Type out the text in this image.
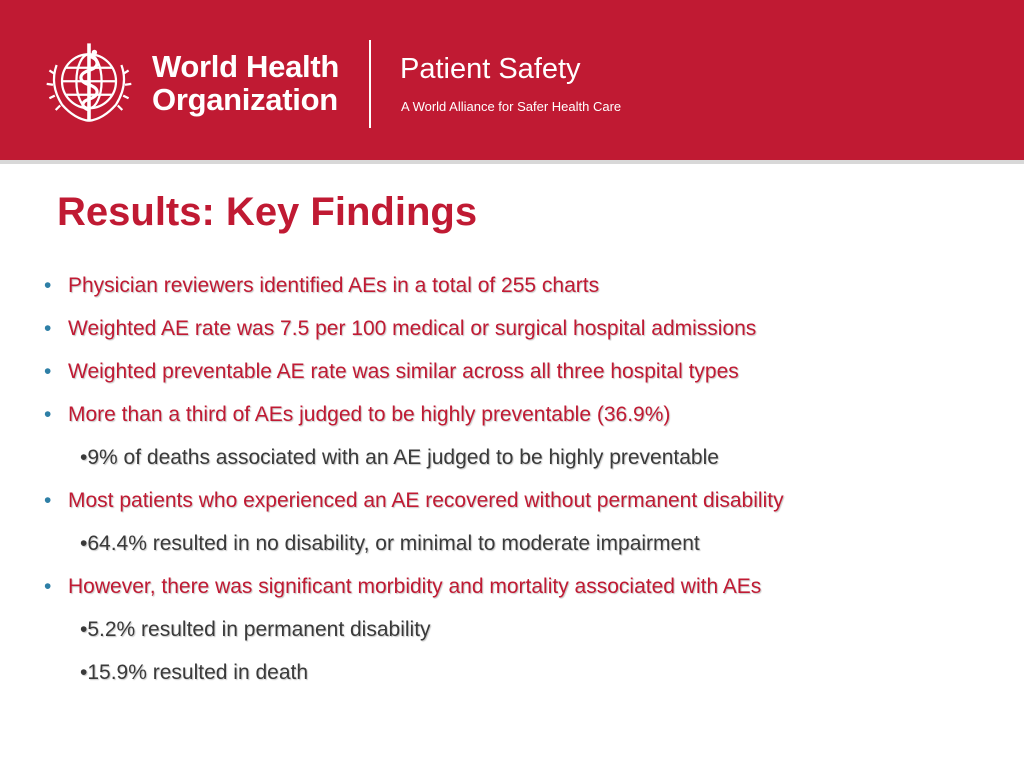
World Health
Organization
Patient Safety
A World Alliance for Safer Health Care
Results: Key Findings
• Physician reviewers identified AEs in a total of 255 charts
• Weighted AE rate was 7.5 per 100 medical or surgical hospital admissions
• Weighted preventable AE rate was similar across all three hospital types
• More than a third of AEs judged to be highly preventable (36.9%)
•9% of deaths associated with an AE judged to be highly preventable
• Most patients who experienced an AE recovered without permanent disability
•64.4% resulted in no disability, or minimal to moderate impairment
• However, there was significant morbidity and mortality associated with AEs
•5.2% resulted in permanent disability
•15.9% resulted in death
